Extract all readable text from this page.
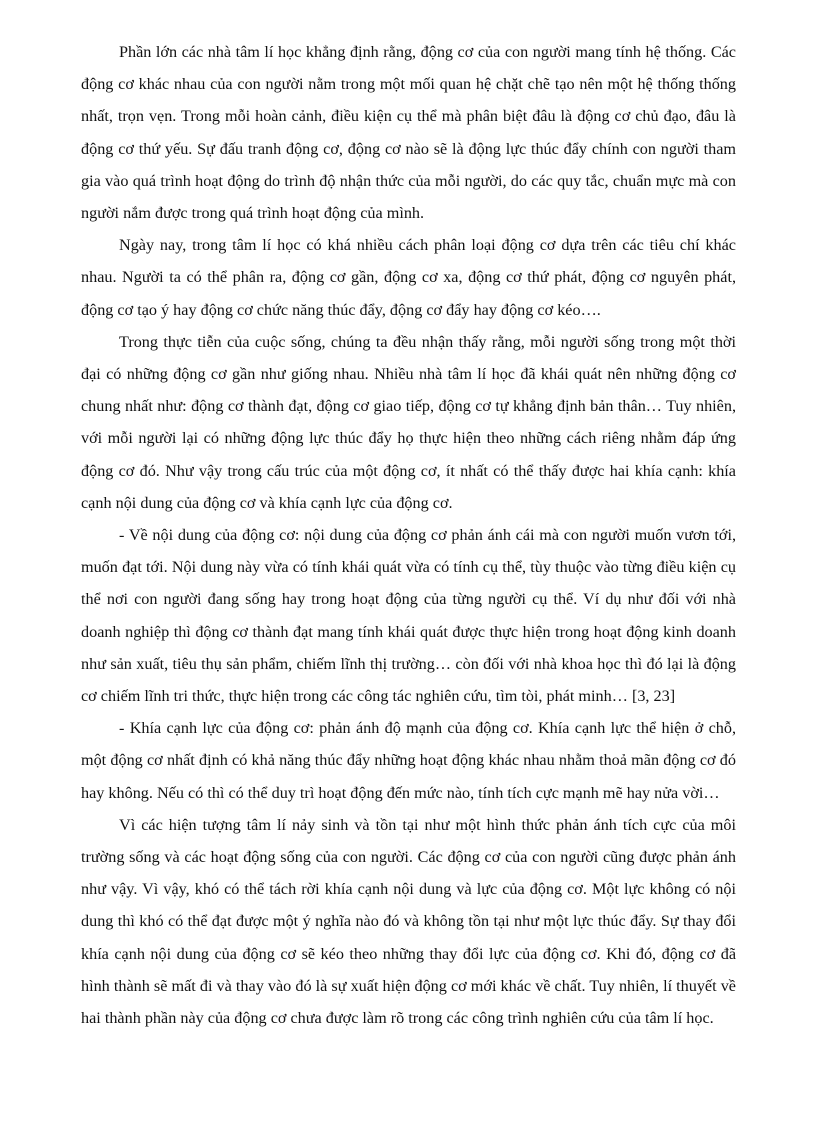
Phần lớn các nhà tâm lí học khẳng định rằng, động cơ của con người mang tính hệ thống. Các động cơ khác nhau của con người nằm trong một mối quan hệ chặt chẽ tạo nên một hệ thống thống nhất, trọn vẹn. Trong mỗi hoàn cảnh, điều kiện cụ thể mà phân biệt đâu là động cơ chủ đạo, đâu là động cơ thứ yếu. Sự đấu tranh động cơ, động cơ nào sẽ là động lực thúc đẩy chính con người tham gia vào quá trình hoạt động do trình độ nhận thức của mỗi người, do các quy tắc, chuẩn mực mà con người nắm được trong quá trình hoạt động của mình.

Ngày nay, trong tâm lí học có khá nhiều cách phân loại động cơ dựa trên các tiêu chí khác nhau. Người ta có thể phân ra, động cơ gần, động cơ xa, động cơ thứ phát, động cơ nguyên phát, động cơ tạo ý hay động cơ chức năng thúc đẩy, động cơ đẩy hay động cơ kéo….

Trong thực tiễn của cuộc sống, chúng ta đều nhận thấy rằng, mỗi người sống trong một thời đại có những động cơ gần như giống nhau. Nhiều nhà tâm lí học đã khái quát nên những động cơ chung nhất như: động cơ thành đạt, động cơ giao tiếp, động cơ tự khẳng định bản thân… Tuy nhiên, với mỗi người lại có những động lực thúc đẩy họ thực hiện theo những cách riêng nhằm đáp ứng động cơ đó. Như vậy trong cấu trúc của một động cơ, ít nhất có thể thấy được hai khía cạnh: khía cạnh nội dung của động cơ và khía cạnh lực của động cơ.

- Về nội dung của động cơ: nội dung của động cơ phản ánh cái mà con người muốn vươn tới, muốn đạt tới. Nội dung này vừa có tính khái quát vừa có tính cụ thể, tùy thuộc vào từng điều kiện cụ thể nơi con người đang sống hay trong hoạt động của từng người cụ thể. Ví dụ như đối với nhà doanh nghiệp thì động cơ thành đạt mang tính khái quát được thực hiện trong hoạt động kinh doanh như sản xuất, tiêu thụ sản phẩm, chiếm lĩnh thị trường… còn đối với nhà khoa học thì đó lại là động cơ chiếm lĩnh tri thức, thực hiện trong các công tác nghiên cứu, tìm tòi, phát minh… [3, 23]

- Khía cạnh lực của động cơ: phản ánh độ mạnh của động cơ. Khía cạnh lực thể hiện ở chỗ, một động cơ nhất định có khả năng thúc đẩy những hoạt động khác nhau nhằm thoả mãn động cơ đó hay không. Nếu có thì có thể duy trì hoạt động đến mức nào, tính tích cực mạnh mẽ hay nửa vời…

Vì các hiện tượng tâm lí nảy sinh và tồn tại như một hình thức phản ánh tích cực của môi trường sống và các hoạt động sống của con người. Các động cơ của con người cũng được phản ánh như vậy. Vì vậy, khó có thể tách rời khía cạnh nội dung và lực của động cơ. Một lực không có nội dung thì khó có thể đạt được một ý nghĩa nào đó và không tồn tại như một lực thúc đẩy. Sự thay đổi khía cạnh nội dung của động cơ sẽ kéo theo những thay đổi lực của động cơ. Khi đó, động cơ đã hình thành sẽ mất đi và thay vào đó là sự xuất hiện động cơ mới khác về chất. Tuy nhiên, lí thuyết về hai thành phần này của động cơ chưa được làm rõ trong các công trình nghiên cứu của tâm lí học.
